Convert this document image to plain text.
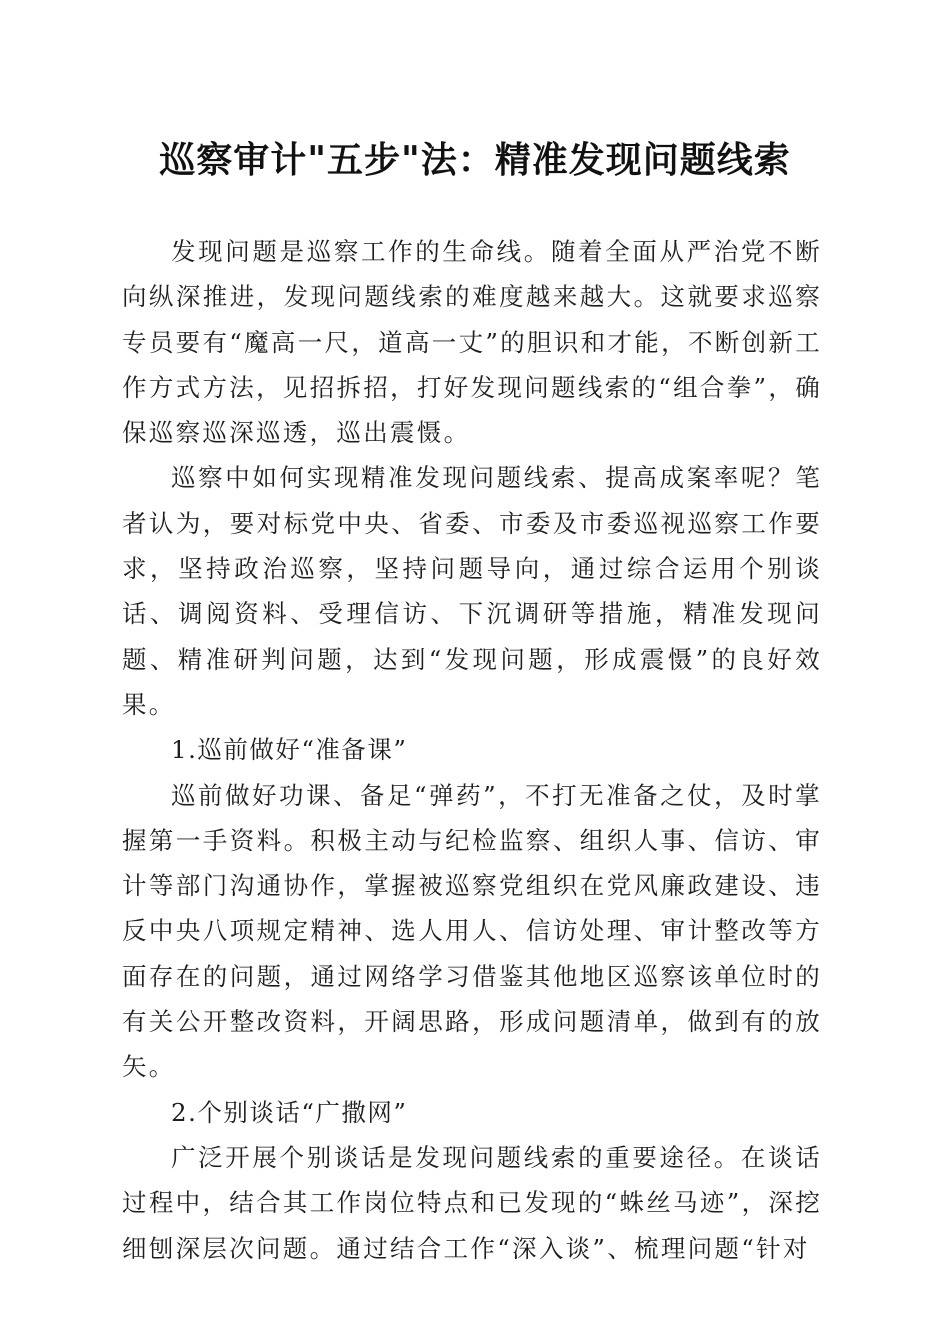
巡察审计"五步"法：精准发现问题线索

发现问题是巡察工作的生命线。随着全面从严治党不断向纵深推进，发现问题线索的难度越来越大。这就要求巡察专员要有“魔高一尺，道高一丈”的胆识和才能，不断创新工作方式方法，见招拆招，打好发现问题线索的“组合拳”，确保巡察巡深巡透，巡出震慑。

巡察中如何实现精准发现问题线索、提高成案率呢？笔者认为，要对标党中央、省委、市委及市委巡视巡察工作要求，坚持政治巡察，坚持问题导向，通过综合运用个别谈话、调阅资料、受理信访、下沉调研等措施，精准发现问题、精准研判问题，达到“发现问题，形成震慑”的良好效果。

1.巡前做好“准备课”

巡前做好功课、备足“弹药”，不打无准备之仗，及时掌握第一手资料。积极主动与纪检监察、组织人事、信访、审计等部门沟通协作，掌握被巡察党组织在党风廉政建设、违反中央八项规定精神、选人用人、信访处理、审计整改等方面存在的问题，通过网络学习借鉴其他地区巡察该单位时的有关公开整改资料，开阔思路，形成问题清单，做到有的放矢。

2.个别谈话“广撒网”

广泛开展个别谈话是发现问题线索的重要途径。在谈话过程中，结合其工作岗位特点和已发现的“蛛丝马迹”，深挖细刨深层次问题。通过结合工作“深入谈”、梳理问题“针对
